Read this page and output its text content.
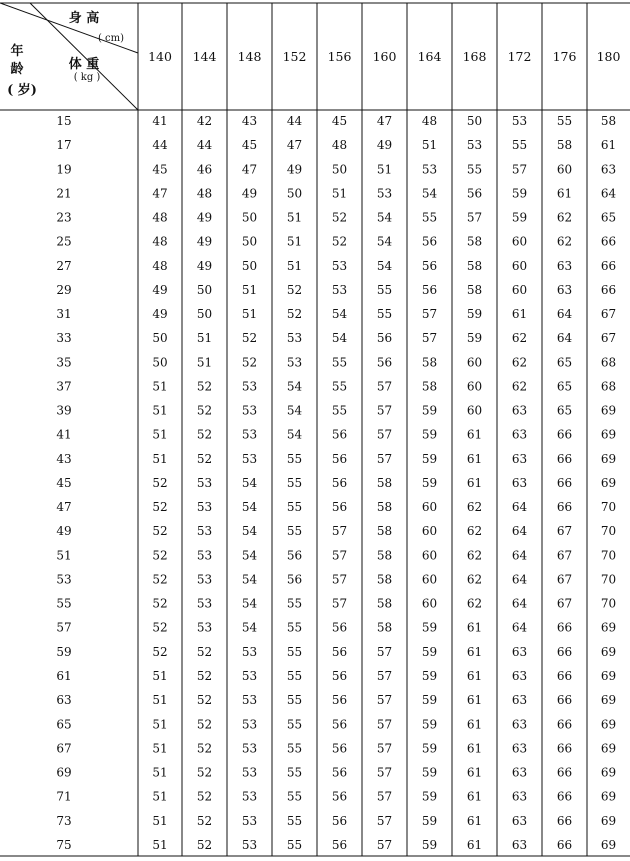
身 高
( cm)
年
龄	体 重
( kg )
( 岁)
140 144 148 152 156 160 164 168 172 176 180
15	41 42 43 44 45 47 48 50 53 55 58
17	44 44 45 47 48 49 51 53 55 58 61
19	45 46 47 49 50 51 53 55 57 60 63
21	47 48 49 50 51 53 54 56 59 61 64
23	48 49 50 51 52 54 55 57 59 62 65
25	48 49 50 51 52 54 56 58 60 62 66
27	48 49 50 51 53 54 56 58 60 63 66
29	49 50 51 52 53 55 56 58 60 63 66
31	49 50 51 52 54 55 57 59 61 64 67
33	50 51 52 53 54 56 57 59 62 64 67
35	50 51 52 53 55 56 58 60 62 65 68
37	51 52 53 54 55 57 58 60 62 65 68
39	51 52 53 54 55 57 59 60 63 65 69
41	51 52 53 54 56 57 59 61 63 66 69
43	51 52 53 55 56 57 59 61 63 66 69
45	52 53 54 55 56 58 59 61 63 66 69
47	52 53 54 55 56 58 60 62 64 66 70
49	52 53 54 55 57 58 60 62 64 67 70
51	52 53 54 56 57 58 60 62 64 67 70
53	52 53 54 56 57 58 60 62 64 67 70
55	52 53 54 55 57 58 60 62 64 67 70
57	52 53 54 55 56 58 59 61 64 66 69
59	52 52 53 55 56 57 59 61 63 66 69
61	51 52 53 55 56 57 59 61 63 66 69
63	51 52 53 55 56 57 59 61 63 66 69
65	51 52 53 55 56 57 59 61 63 66 69
67	51 52 53 55 56 57 59 61 63 66 69
69	51 52 53 55 56 57 59 61 63 66 69
71	51 52 53 55 56 57 59 61 63 66 69
73	51 52 53 55 56 57 59 61 63 66 69
75	51 52 53 55 56 57 59 61 63 66 69
